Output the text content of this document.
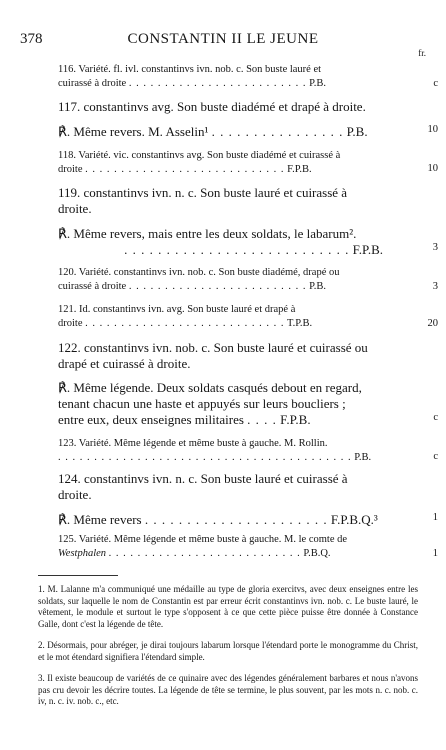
378	CONSTANTIN II LE JEUNE
fr.
116. Variété. fl. ivl. constantinvs ivn. nob. c. Son buste lauré et
cuirassé à droite . . . . . . . . . . . . . . . . . . . . . . . . . P.B.	c
117. constantinvs avg. Son buste diadémé et drapé à droite.
℟. Même revers. M. Asselin¹ . . . . . . . . . . . . . . . . P.B.	10
118. Variété. vic. constantinvs avg. Son buste diadémé et cuirassé à
droite . . . . . . . . . . . . . . . . . . . . . . . . . . . . F.P.B.	10
119. constantinvs ivn. n. c. Son buste lauré et cuirassé à
droite.
℟. Même revers, mais entre les deux soldats, le labarum².
. . . . . . . . . . . . . . . . . . . . . . . . . . . F.P.B.	3
120. Variété. constantinvs ivn. nob. c. Son buste diadémé, drapé ou
cuirassé à droite . . . . . . . . . . . . . . . . . . . . . . . . . P.B.	3
121. Id. constantinvs ivn. avg. Son buste lauré et drapé à
droite . . . . . . . . . . . . . . . . . . . . . . . . . . . . T.P.B.	20
122. constantinvs ivn. nob. c. Son buste lauré et cuirassé ou
drapé et cuirassé à droite.
℟. Même légende. Deux soldats casqués debout en regard,
tenant chacun une haste et appuyés sur leurs boucliers ;
entre eux, deux enseignes militaires . . . . F.P.B.	c
123. Variété. Même légende et même buste à gauche. M. Rollin.
. . . . . . . . . . . . . . . . . . . . . . . . . . . . . . . . . . . . . . . . . P.B.	c
124. constantinvs ivn. n. c. Son buste lauré et cuirassé à
droite.
℟. Même revers . . . . . . . . . . . . . . . . . . . . . . F.P.B.Q.³	1
125. Variété. Même légende et même buste à gauche. M. le comte de
Westphalen . . . . . . . . . . . . . . . . . . . . . . . . . . . P.B.Q.	1
1. M. Lalanne m'a communiqué une médaille au type de gloria exercitvs, avec deux enseignes entre les soldats, sur laquelle le nom de Constantin est par erreur écrit constantinvs ivn. nob. c. Le buste lauré, le vêtement, le module et surtout le type s'opposent à ce que cette pièce puisse être donnée à Constance Galle, dont c'est la légende de tête.
2. Désormais, pour abréger, je dirai toujours labarum lorsque l'étendard porte le monogramme du Christ, et le mot étendard signifiera l'étendard simple.
3. Il existe beaucoup de variétés de ce quinaire avec des légendes généralement barbares et nous n'avons pas cru devoir les décrire toutes. La légende de tête se termine, le plus souvent, par les mots n. c. nob. c. iv, n. c. iv. nob. c., etc.
